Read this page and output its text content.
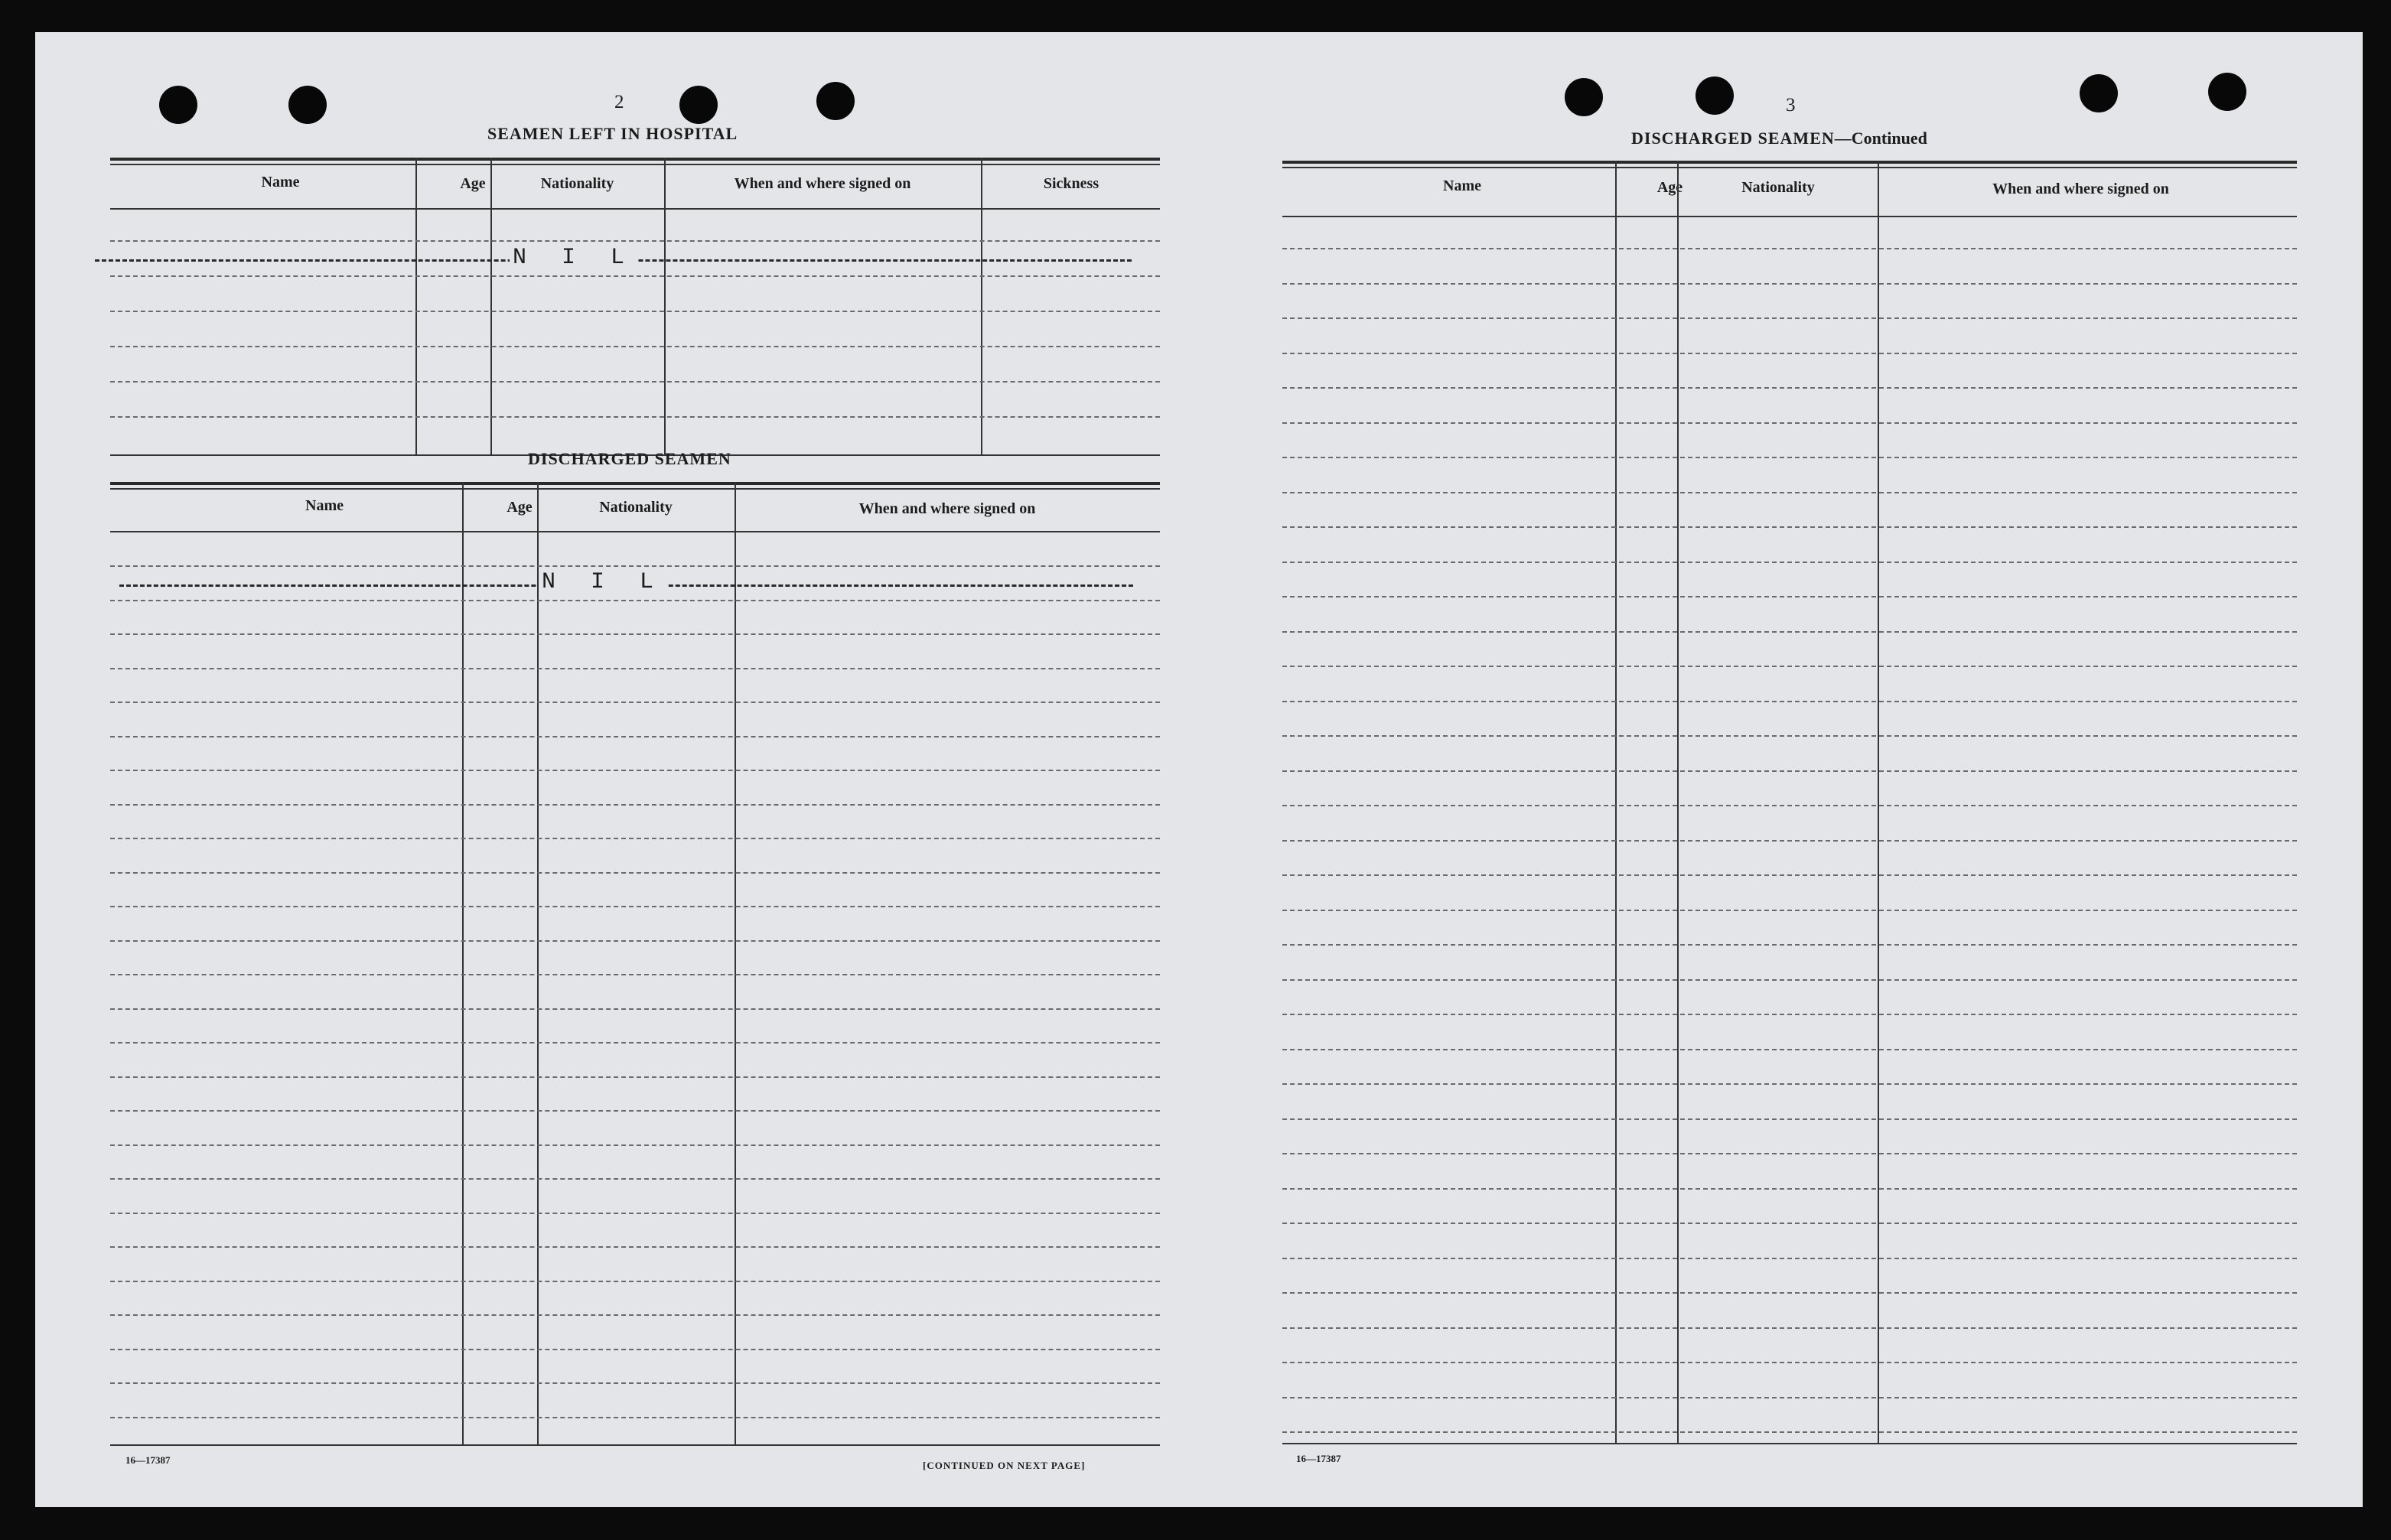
2
SEAMEN LEFT IN HOSPITAL
Name	Age	Nationality	When and where signed on	Sickness
N I L
DISCHARGED SEAMEN
Name	Age	Nationality	When and where signed on
N I L
16—17387	[CONTINUED ON NEXT PAGE]
3
DISCHARGED SEAMEN—Continued
Name	Age	Nationality	When and where signed on
16—17387
